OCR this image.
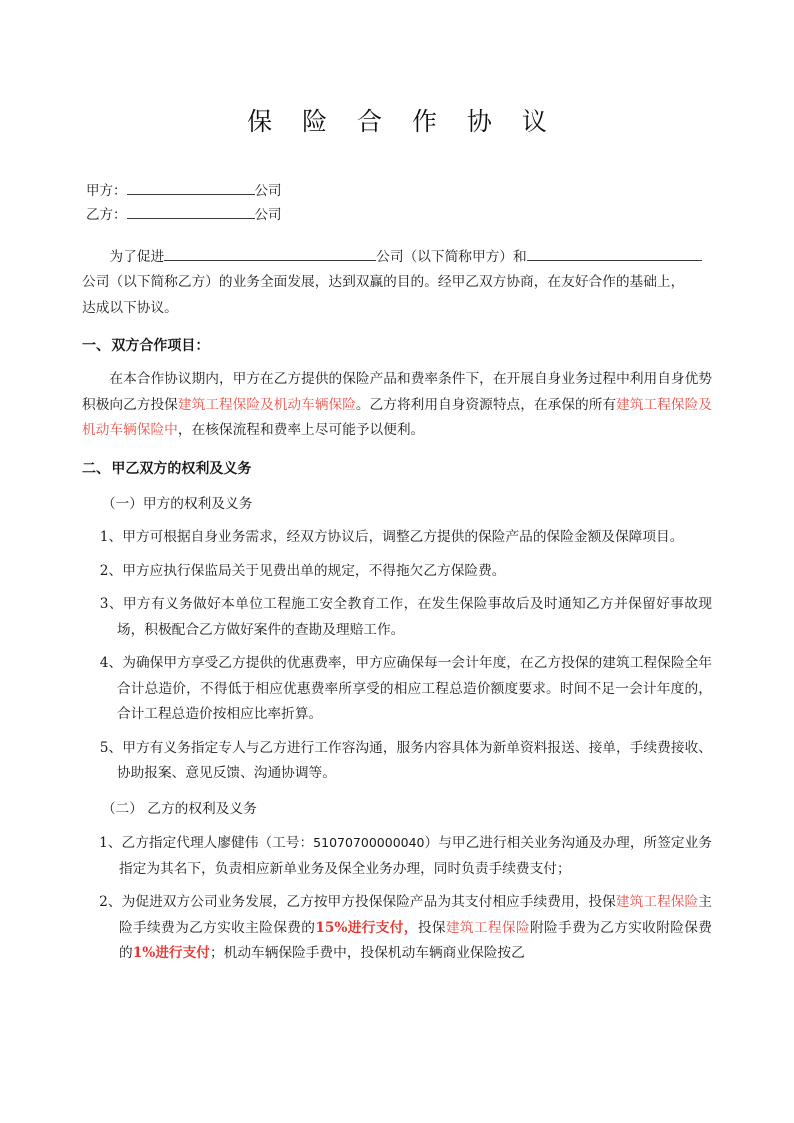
保 险 合 作 协 议
甲方：	公司
乙方：	公司
为了促进	公司（以下简称甲方）和
公司（以下简称乙方）的业务全面发展，达到双赢的目的。经甲乙双方协商，在友好合作的基础上，
达成以下协议。
一、双方合作项目：
在本合作协议期内，甲方在乙方提供的保险产品和费率条件下，在开展自身业务过程中利用自身优势积极向乙方投保建筑工程保险及机动车辆保险。乙方将利用自身资源特点，在承保的所有建筑工程保险及机动车辆保险中，在核保流程和费率上尽可能予以便利。
二、甲乙双方的权利及义务
（一）甲方的权利及义务
1、甲方可根据自身业务需求，经双方协议后，调整乙方提供的保险产品的保险金额及保障项目。
2、甲方应执行保监局关于见费出单的规定，不得拖欠乙方保险费。
3、甲方有义务做好本单位工程施工安全教育工作，在发生保险事故后及时通知乙方并保留好事故现场，积极配合乙方做好案件的查勘及理赔工作。
4、为确保甲方享受乙方提供的优惠费率，甲方应确保每一会计年度，在乙方投保的建筑工程保险全年合计总造价，不得低于相应优惠费率所享受的相应工程总造价额度要求。时间不足一会计年度的，合计工程总造价按相应比率折算。
5、甲方有义务指定专人与乙方进行工作容沟通，服务内容具体为新单资料报送、接单，手续费接收、协助报案、意见反馈、沟通协调等。
（二） 乙方的权利及义务
1、乙方指定代理人廖健伟（工号：51070700000040）与甲乙进行相关业务沟通及办理，所签定业务指定为其名下，负责相应新单业务及保全业务办理，同时负责手续费支付；
2、为促进双方公司业务发展，乙方按甲方投保保险产品为其支付相应手续费用，投保建筑工程保险主险手续费为乙方实收主险保费的15%进行支付，投保建筑工程保险附险手费为乙方实收附险保费的1%进行支付；机动车辆保险手费中，投保机动车辆商业保险按乙
